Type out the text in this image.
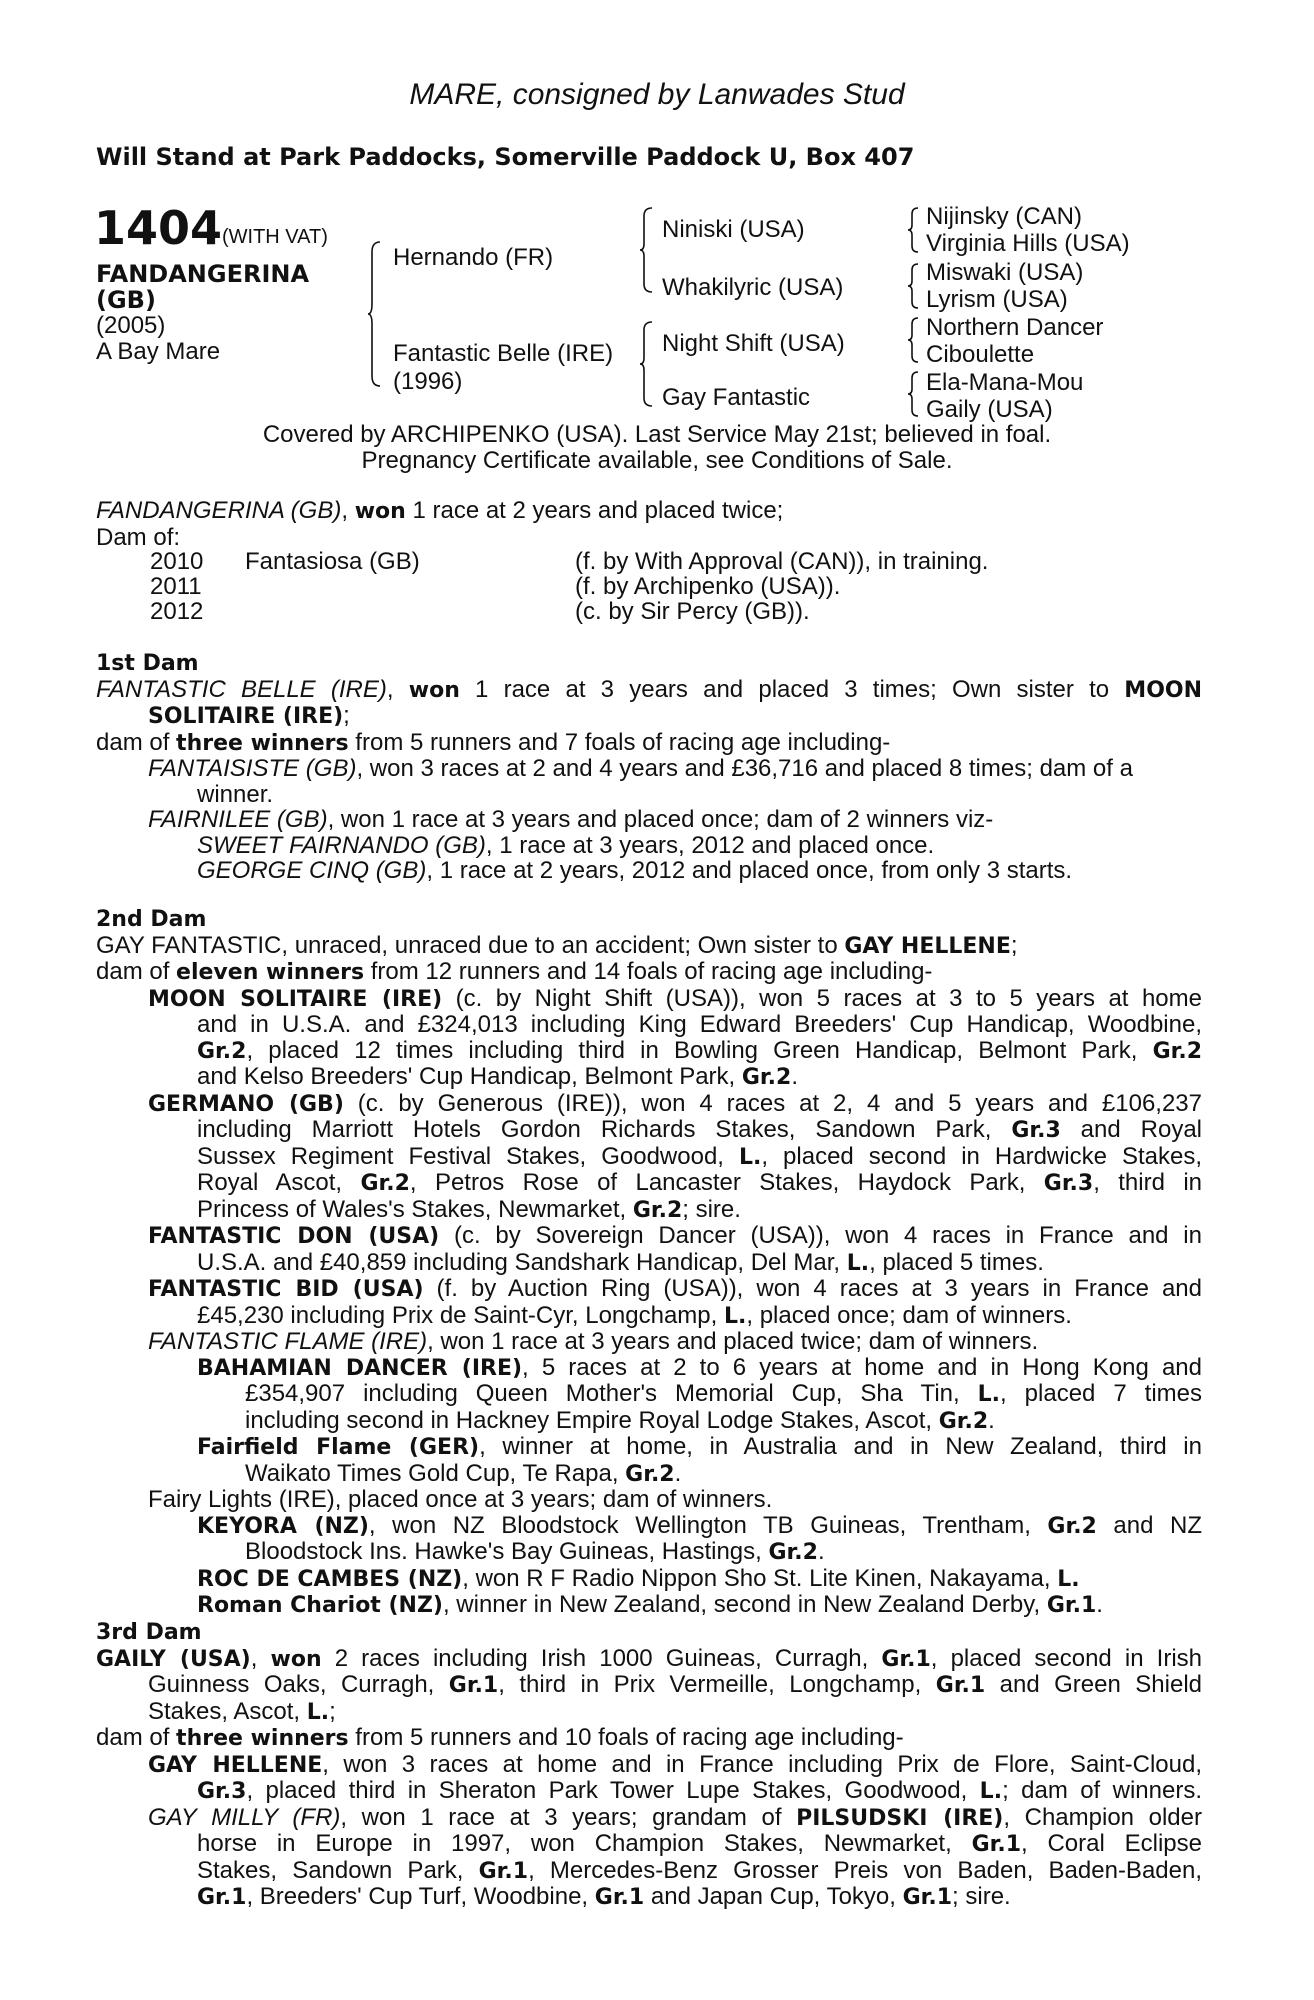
MARE, consigned by Lanwades Stud
Will Stand at Park Paddocks, Somerville Paddock U, Box 407
1404 (WITH VAT)
FANDANGERINA
(GB)
(2005)
A Bay Mare
Hernando (FR)
Fantastic Belle (IRE)
(1996)
Niniski (USA)
Whakilyric (USA)
Night Shift (USA)
Gay Fantastic
Nijinsky (CAN)
Virginia Hills (USA)
Miswaki (USA)
Lyrism (USA)
Northern Dancer
Ciboulette
Ela-Mana-Mou
Gaily (USA)
Covered by ARCHIPENKO (USA). Last Service May 21st; believed in foal.
Pregnancy Certificate available, see Conditions of Sale.
FANDANGERINA (GB), won 1 race at 2 years and placed twice;
Dam of:
2010 Fantasiosa (GB)	(f. by With Approval (CAN)), in training.
2011	(f. by Archipenko (USA)).
2012	(c. by Sir Percy (GB)).
1st Dam
FANTASTIC BELLE (IRE), won 1 race at 3 years and placed 3 times; Own sister to MOON
SOLITAIRE (IRE);
dam of three winners from 5 runners and 7 foals of racing age including-
FANTAISISTE (GB), won 3 races at 2 and 4 years and £36,716 and placed 8 times; dam of a
winner.
FAIRNILEE (GB), won 1 race at 3 years and placed once; dam of 2 winners viz-
SWEET FAIRNANDO (GB), 1 race at 3 years, 2012 and placed once.
GEORGE CINQ (GB), 1 race at 2 years, 2012 and placed once, from only 3 starts.
2nd Dam
GAY FANTASTIC, unraced, unraced due to an accident; Own sister to GAY HELLENE;
dam of eleven winners from 12 runners and 14 foals of racing age including-
MOON SOLITAIRE (IRE) (c. by Night Shift (USA)), won 5 races at 3 to 5 years at home
and in U.S.A. and £324,013 including King Edward Breeders' Cup Handicap, Woodbine,
Gr.2, placed 12 times including third in Bowling Green Handicap, Belmont Park, Gr.2
and Kelso Breeders' Cup Handicap, Belmont Park, Gr.2.
GERMANO (GB) (c. by Generous (IRE)), won 4 races at 2, 4 and 5 years and £106,237
including Marriott Hotels Gordon Richards Stakes, Sandown Park, Gr.3 and Royal
Sussex Regiment Festival Stakes, Goodwood, L., placed second in Hardwicke Stakes,
Royal Ascot, Gr.2, Petros Rose of Lancaster Stakes, Haydock Park, Gr.3, third in
Princess of Wales's Stakes, Newmarket, Gr.2; sire.
FANTASTIC DON (USA) (c. by Sovereign Dancer (USA)), won 4 races in France and in
U.S.A. and £40,859 including Sandshark Handicap, Del Mar, L., placed 5 times.
FANTASTIC BID (USA) (f. by Auction Ring (USA)), won 4 races at 3 years in France and
£45,230 including Prix de Saint-Cyr, Longchamp, L., placed once; dam of winners.
FANTASTIC FLAME (IRE), won 1 race at 3 years and placed twice; dam of winners.
BAHAMIAN DANCER (IRE), 5 races at 2 to 6 years at home and in Hong Kong and
£354,907 including Queen Mother's Memorial Cup, Sha Tin, L., placed 7 times
including second in Hackney Empire Royal Lodge Stakes, Ascot, Gr.2.
Fairfield Flame (GER), winner at home, in Australia and in New Zealand, third in
Waikato Times Gold Cup, Te Rapa, Gr.2.
Fairy Lights (IRE), placed once at 3 years; dam of winners.
KEYORA (NZ), won NZ Bloodstock Wellington TB Guineas, Trentham, Gr.2 and NZ
Bloodstock Ins. Hawke's Bay Guineas, Hastings, Gr.2.
ROC DE CAMBES (NZ), won R F Radio Nippon Sho St. Lite Kinen, Nakayama, L.
Roman Chariot (NZ), winner in New Zealand, second in New Zealand Derby, Gr.1.
3rd Dam
GAILY (USA), won 2 races including Irish 1000 Guineas, Curragh, Gr.1, placed second in Irish
Guinness Oaks, Curragh, Gr.1, third in Prix Vermeille, Longchamp, Gr.1 and Green Shield
Stakes, Ascot, L.;
dam of three winners from 5 runners and 10 foals of racing age including-
GAY HELLENE, won 3 races at home and in France including Prix de Flore, Saint-Cloud,
Gr.3, placed third in Sheraton Park Tower Lupe Stakes, Goodwood, L.; dam of winners.
GAY MILLY (FR), won 1 race at 3 years; grandam of PILSUDSKI (IRE), Champion older
horse in Europe in 1997, won Champion Stakes, Newmarket, Gr.1, Coral Eclipse
Stakes, Sandown Park, Gr.1, Mercedes-Benz Grosser Preis von Baden, Baden-Baden,
Gr.1, Breeders' Cup Turf, Woodbine, Gr.1 and Japan Cup, Tokyo, Gr.1; sire.
